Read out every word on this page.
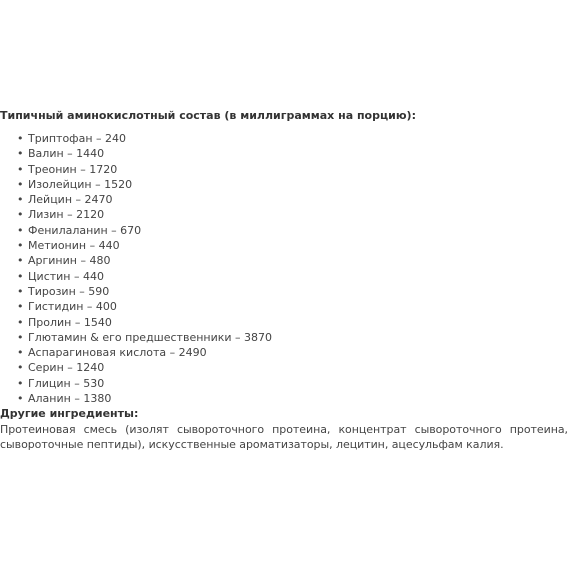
Типичный аминокислотный состав (в миллиграммах на порцию):

• Триптофан – 240
• Валин – 1440
• Треонин – 1720
• Изолейцин – 1520
• Лейцин – 2470
• Лизин – 2120
• Фенилаланин – 670
• Метионин – 440
• Аргинин – 480
• Цистин – 440
• Тирозин – 590
• Гистидин – 400
• Пролин – 1540
• Глютамин & его предшественники – 3870
• Аспарагиновая кислота – 2490
• Серин – 1240
• Глицин – 530
• Аланин – 1380

Другие ингредиенты:

Протеиновая смесь (изолят сывороточного протеина, концентрат сывороточного протеина, сывороточные пептиды), искусственные ароматизаторы, лецитин, ацесульфам калия.
